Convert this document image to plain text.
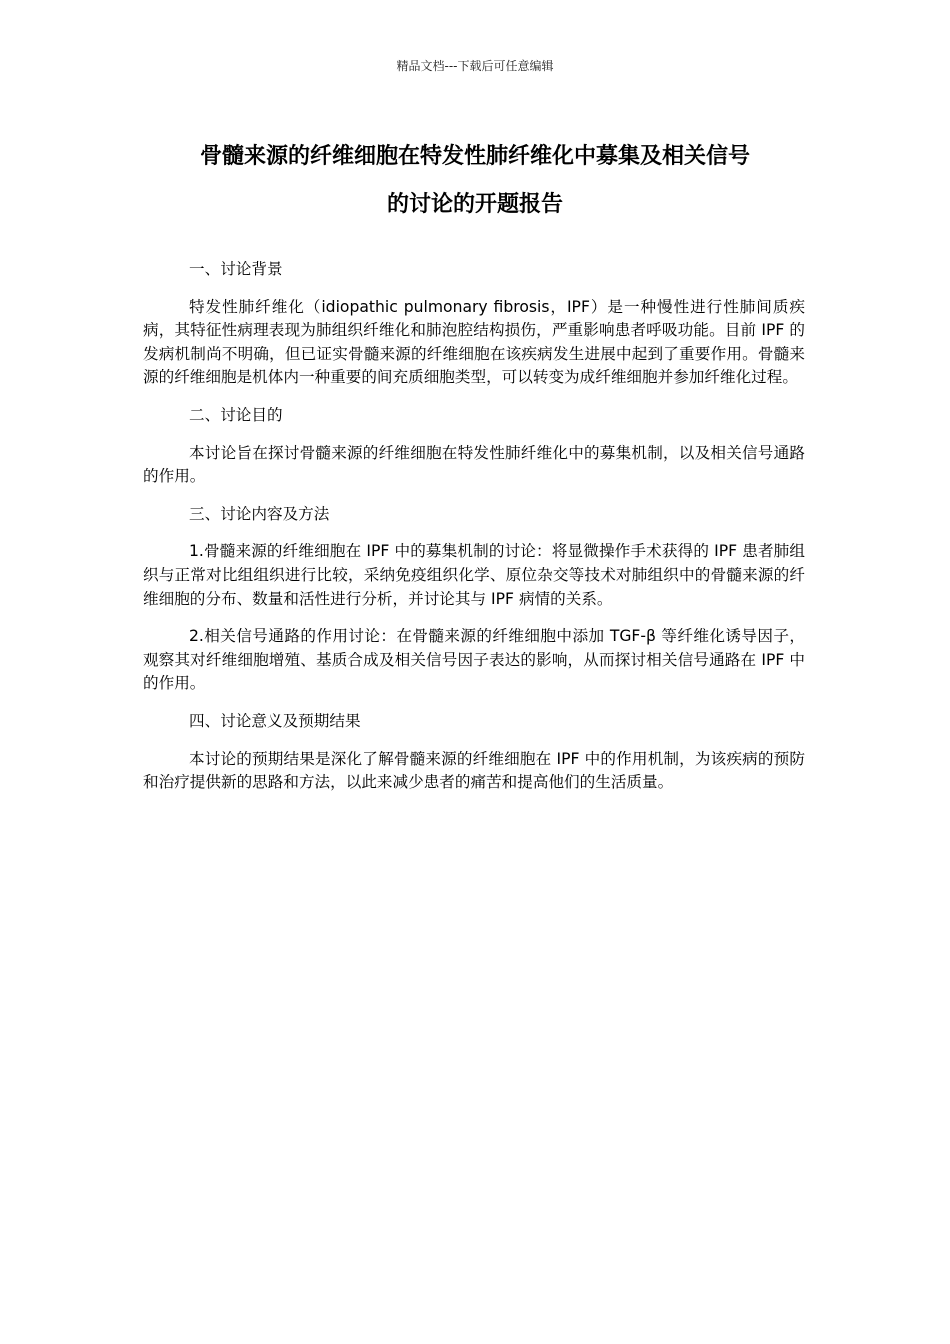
精品文档---下载后可任意编辑
骨髓来源的纤维细胞在特发性肺纤维化中募集及相关信号
的讨论的开题报告

一、讨论背景

特发性肺纤维化（idiopathic pulmonary fibrosis，IPF）是一种慢性进行性肺间质疾病，其特征性病理表现为肺组织纤维化和肺泡腔结构损伤，严重影响患者呼吸功能。目前 IPF 的发病机制尚不明确，但已证实骨髓来源的纤维细胞在该疾病发生进展中起到了重要作用。骨髓来源的纤维细胞是机体内一种重要的间充质细胞类型，可以转变为成纤维细胞并参加纤维化过程。

二、讨论目的

本讨论旨在探讨骨髓来源的纤维细胞在特发性肺纤维化中的募集机制，以及相关信号通路的作用。

三、讨论内容及方法

1.骨髓来源的纤维细胞在 IPF 中的募集机制的讨论：将显微操作手术获得的 IPF 患者肺组织与正常对比组组织进行比较，采纳免疫组织化学、原位杂交等技术对肺组织中的骨髓来源的纤维细胞的分布、数量和活性进行分析，并讨论其与 IPF 病情的关系。

2.相关信号通路的作用讨论：在骨髓来源的纤维细胞中添加 TGF-β 等纤维化诱导因子，观察其对纤维细胞增殖、基质合成及相关信号因子表达的影响，从而探讨相关信号通路在 IPF 中的作用。

四、讨论意义及预期结果

本讨论的预期结果是深化了解骨髓来源的纤维细胞在 IPF 中的作用机制，为该疾病的预防和治疗提供新的思路和方法，以此来减少患者的痛苦和提高他们的生活质量。
